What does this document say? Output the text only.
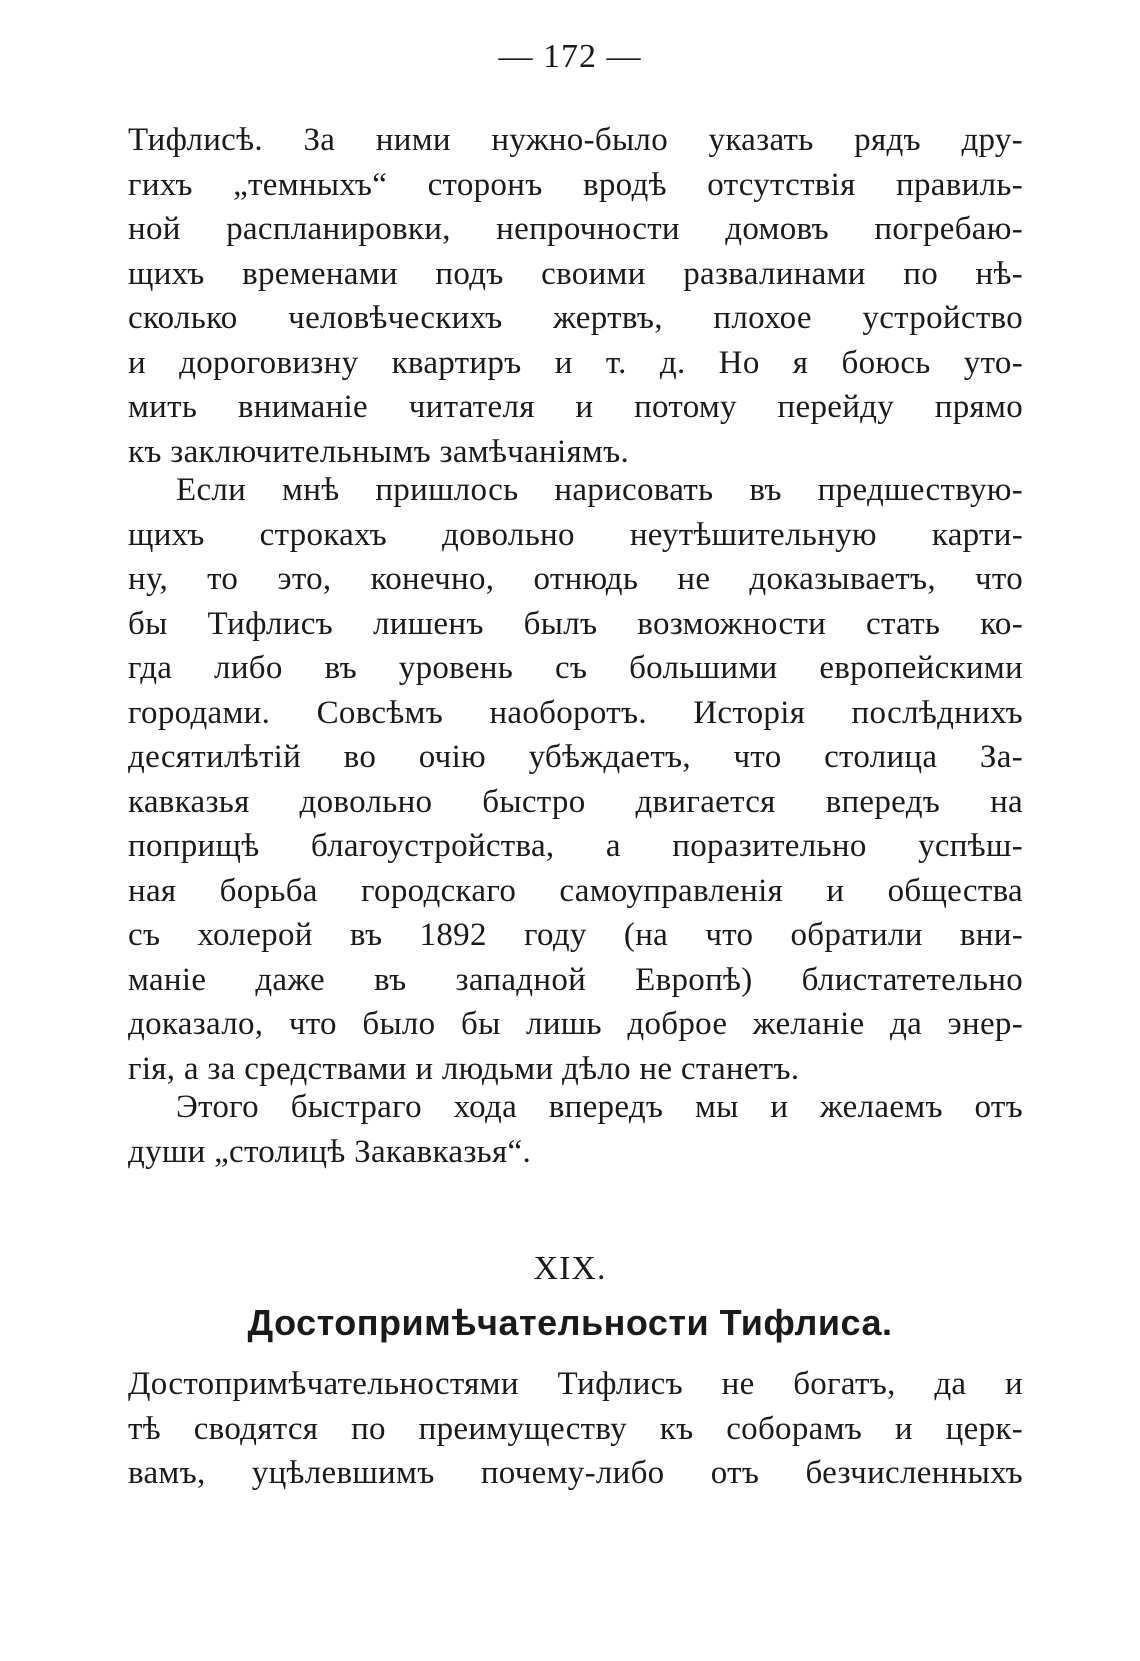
— 172 —
Тифлисѣ. За ними нужно-было указать рядъ дру-
гихъ „темныхъ“ сторонъ вродѣ отсутствія правиль-
ной распланировки, непрочности домовъ погребаю-
щихъ временами подъ своими развалинами по нѣ-
сколько человѣческихъ жертвъ, плохое устройство
и дороговизну квартиръ и т. д. Но я боюсь уто-
мить вниманіе читателя и потому перейду прямо
къ заключительнымъ замѣчаніямъ.
Если мнѣ пришлось нарисовать въ предшествую-
щихъ строкахъ довольно неутѣшительную карти-
ну, то это, конечно, отнюдь не доказываетъ, что
бы Тифлисъ лишенъ былъ возможности стать ко-
гда либо въ уровень съ большими европейскими
городами. Совсѣмъ наоборотъ. Исторія послѣднихъ
десятилѣтій во очію убѣждаетъ, что столица За-
кавказья довольно быстро двигается впередъ на
поприщѣ благоустройства, а поразительно успѣш-
ная борьба городскаго самоуправленія и общества
съ холерой въ 1892 году (на что обратили вни-
маніе даже въ западной Европѣ) блистатетельно
доказало, что было бы лишь доброе желаніе да энер-
гія, а за средствами и людьми дѣло не станетъ.
Этого быстраго хода впередъ мы и желаемъ отъ
души „столицѣ Закавказья“.
XIX.
Достопримѣчательности Тифлиса.
Достопримѣчательностями Тифлисъ не богатъ, да и
тѣ сводятся по преимуществу къ соборамъ и церк-
вамъ, уцѣлевшимъ почему-либо отъ безчисленныхъ
